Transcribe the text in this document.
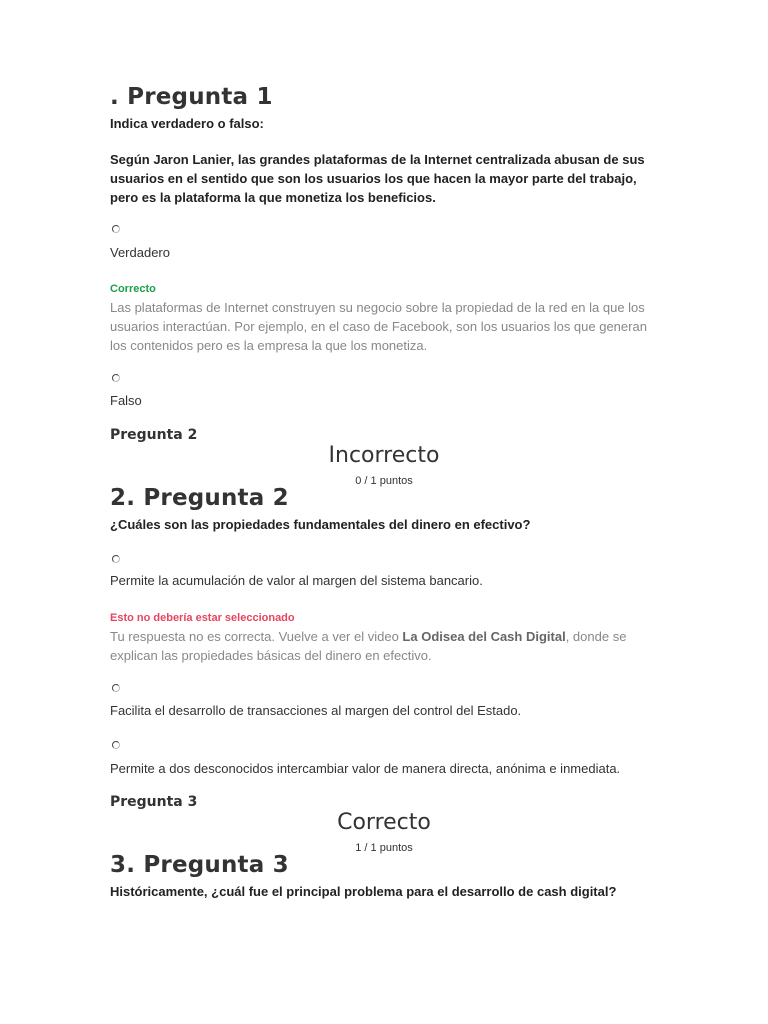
. Pregunta 1

Indica verdadero o falso:

Según Jaron Lanier, las grandes plataformas de la Internet centralizada abusan de sus usuarios en el sentido que son los usuarios los que hacen la mayor parte del trabajo, pero es la plataforma la que monetiza los beneficios.

Verdadero

Correcto

Las plataformas de Internet construyen su negocio sobre la propiedad de la red en la que los usuarios interactúan. Por ejemplo, en el caso de Facebook, son los usuarios los que generan los contenidos pero es la empresa la que los monetiza.

Falso

Pregunta 2

Incorrecto

0 / 1 puntos

2. Pregunta 2

¿Cuáles son las propiedades fundamentales del dinero en efectivo?

Permite la acumulación de valor al margen del sistema bancario.

Esto no debería estar seleccionado

Tu respuesta no es correcta. Vuelve a ver el video La Odisea del Cash Digital, donde se explican las propiedades básicas del dinero en efectivo.

Facilita el desarrollo de transacciones al margen del control del Estado.

Permite a dos desconocidos intercambiar valor de manera directa, anónima e inmediata.

Pregunta 3

Correcto

1 / 1 puntos

3. Pregunta 3

Históricamente, ¿cuál fue el principal problema para el desarrollo de cash digital?
